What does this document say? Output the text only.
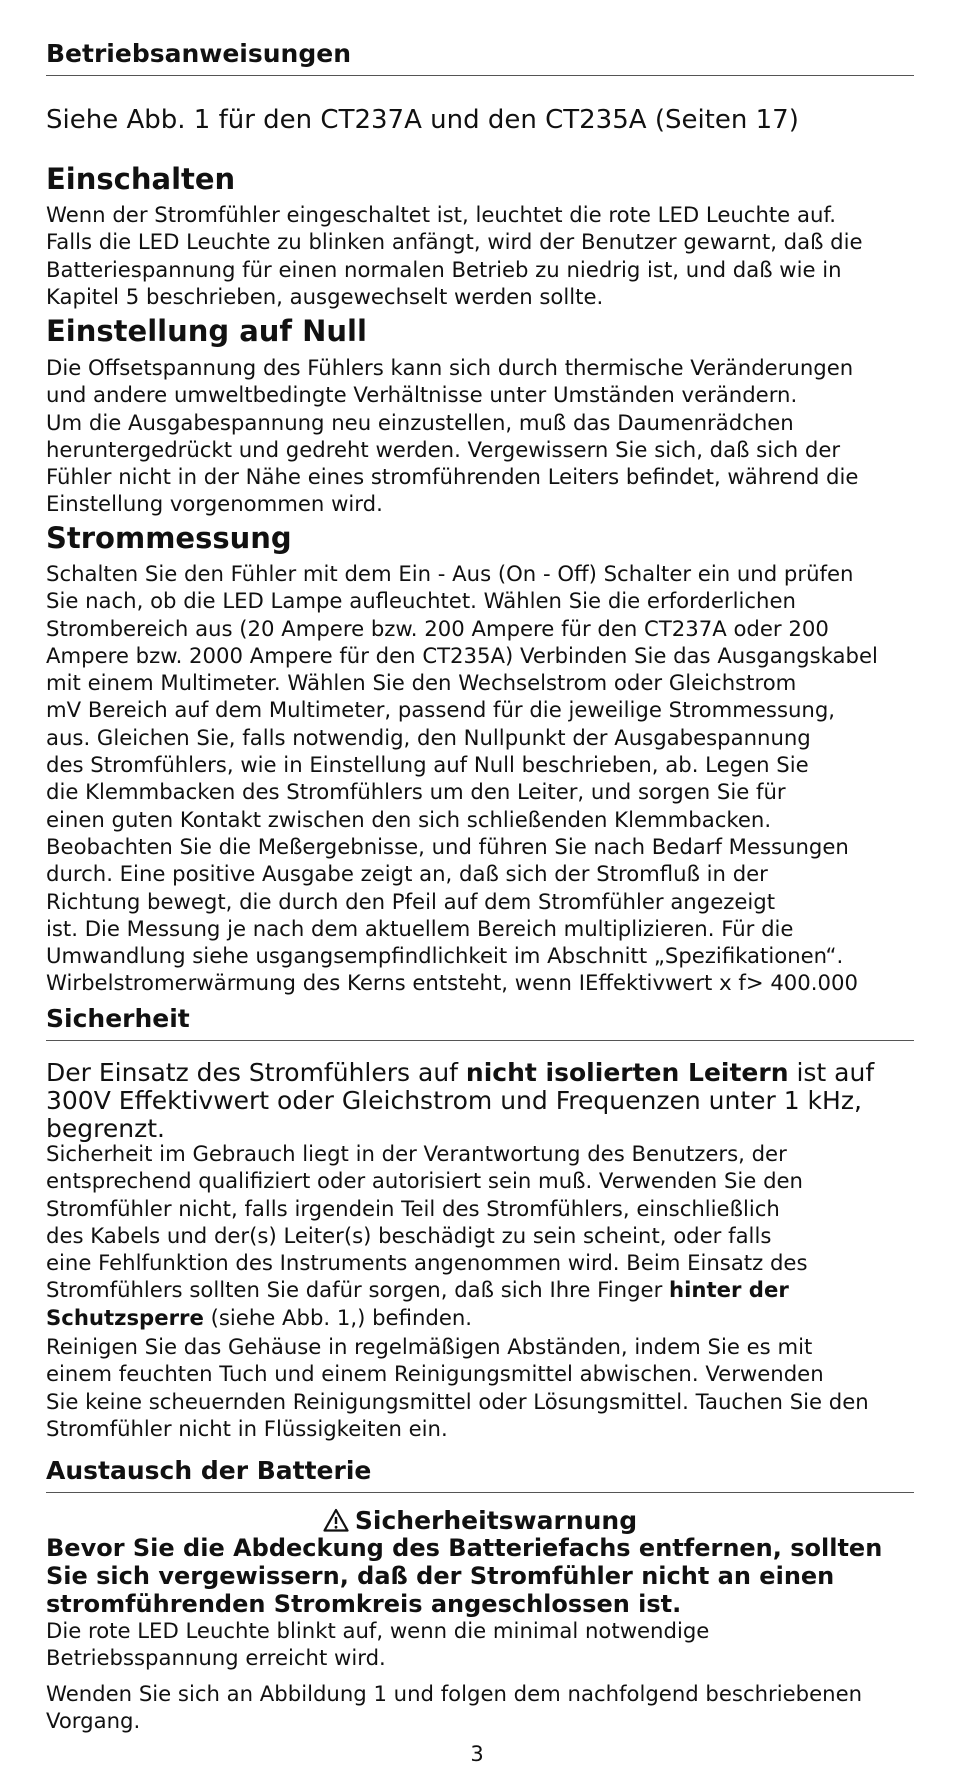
Betriebsanweisungen
Siehe Abb. 1 für den CT237A und den CT235A (Seiten 17)
Einschalten
Wenn der Stromfühler eingeschaltet ist, leuchtet die rote LED Leuchte auf.
Falls die LED Leuchte zu blinken anfängt, wird der Benutzer gewarnt, daß die
Batteriespannung für einen normalen Betrieb zu niedrig ist, und daß wie in
Kapitel 5 beschrieben, ausgewechselt werden sollte.
Einstellung auf Null
Die Offsetspannung des Fühlers kann sich durch thermische Veränderungen
und andere umweltbedingte Verhältnisse unter Umständen verändern.
Um die Ausgabespannung neu einzustellen, muß das Daumenrädchen
heruntergedrückt und gedreht werden. Vergewissern Sie sich, daß sich der
Fühler nicht in der Nähe eines stromführenden Leiters befindet, während die
Einstellung vorgenommen wird.
Strommessung
Schalten Sie den Fühler mit dem Ein - Aus (On - Off) Schalter ein und prüfen
Sie nach, ob die LED Lampe aufleuchtet. Wählen Sie die erforderlichen
Strombereich aus (20 Ampere bzw. 200 Ampere für den CT237A oder 200
Ampere bzw. 2000 Ampere für den CT235A) Verbinden Sie das Ausgangskabel
mit einem Multimeter. Wählen Sie den Wechselstrom oder Gleichstrom
mV Bereich auf dem Multimeter, passend für die jeweilige Strommessung,
aus. Gleichen Sie, falls notwendig, den Nullpunkt der Ausgabespannung
des Stromfühlers, wie in Einstellung auf Null beschrieben, ab. Legen Sie
die Klemmbacken des Stromfühlers um den Leiter, und sorgen Sie für
einen guten Kontakt zwischen den sich schließenden Klemmbacken.
Beobachten Sie die Meßergebnisse, und führen Sie nach Bedarf Messungen
durch. Eine positive Ausgabe zeigt an, daß sich der Stromfluß in der
Richtung bewegt, die durch den Pfeil auf dem Stromfühler angezeigt
ist. Die Messung je nach dem aktuellem Bereich multiplizieren. Für die
Umwandlung siehe usgangsempfindlichkeit im Abschnitt „Spezifikationen“.
Wirbelstromerwärmung des Kerns entsteht, wenn IEffektivwert x f> 400.000
Sicherheit
Der Einsatz des Stromfühlers auf nicht isolierten Leitern ist auf
300V Effektivwert oder Gleichstrom und Frequenzen unter 1 kHz,
begrenzt.
Sicherheit im Gebrauch liegt in der Verantwortung des Benutzers, der
entsprechend qualifiziert oder autorisiert sein muß. Verwenden Sie den
Stromfühler nicht, falls irgendein Teil des Stromfühlers, einschließlich
des Kabels und der(s) Leiter(s) beschädigt zu sein scheint, oder falls
eine Fehlfunktion des Instruments angenommen wird. Beim Einsatz des
Stromfühlers sollten Sie dafür sorgen, daß sich Ihre Finger hinter der
Schutzsperre (siehe Abb. 1,) befinden.
Reinigen Sie das Gehäuse in regelmäßigen Abständen, indem Sie es mit
einem feuchten Tuch und einem Reinigungsmittel abwischen. Verwenden
Sie keine scheuernden Reinigungsmittel oder Lösungsmittel. Tauchen Sie den
Stromfühler nicht in Flüssigkeiten ein.
Austausch der Batterie
Sicherheitswarnung
Bevor Sie die Abdeckung des Batteriefachs entfernen, sollten
Sie sich vergewissern, daß der Stromfühler nicht an einen
stromführenden Stromkreis angeschlossen ist.
Die rote LED Leuchte blinkt auf, wenn die minimal notwendige
Betriebsspannung erreicht wird.
Wenden Sie sich an Abbildung 1 und folgen dem nachfolgend beschriebenen
Vorgang.
3
